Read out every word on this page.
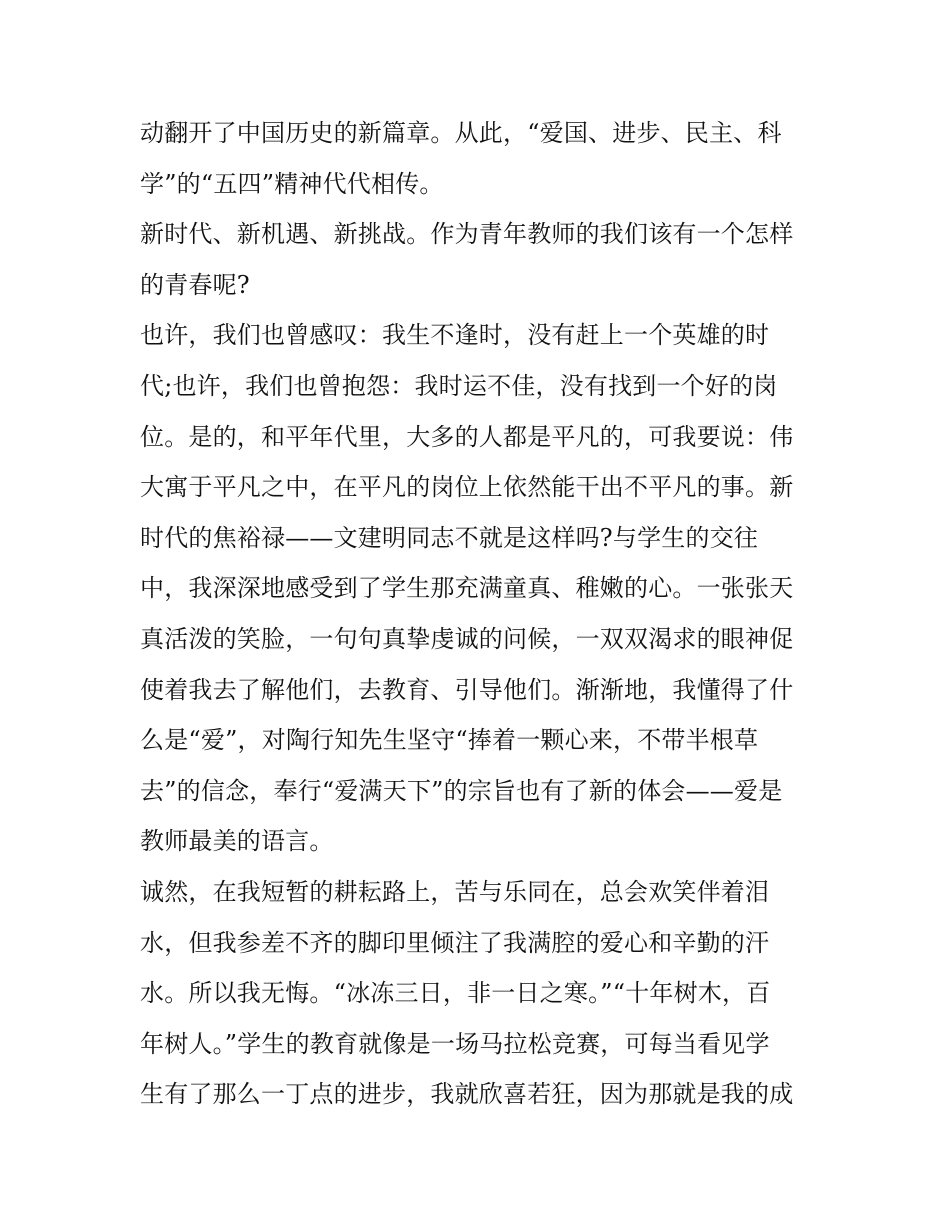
动翻开了中国历史的新篇章。从此，“爱国、进步、民主、科
学”的“五四”精神代代相传。
新时代、新机遇、新挑战。作为青年教师的我们该有一个怎样
的青春呢?
也许，我们也曾感叹：我生不逢时，没有赶上一个英雄的时
代;也许，我们也曾抱怨：我时运不佳，没有找到一个好的岗
位。是的，和平年代里，大多的人都是平凡的，可我要说：伟
大寓于平凡之中，在平凡的岗位上依然能干出不平凡的事。新
时代的焦裕禄——文建明同志不就是这样吗?与学生的交往
中，我深深地感受到了学生那充满童真、稚嫩的心。一张张天
真活泼的笑脸，一句句真挚虔诚的问候，一双双渴求的眼神促
使着我去了解他们，去教育、引导他们。渐渐地，我懂得了什
么是“爱”，对陶行知先生坚守“捧着一颗心来，不带半根草
去”的信念，奉行“爱满天下”的宗旨也有了新的体会——爱是
教师最美的语言。
诚然，在我短暂的耕耘路上，苦与乐同在，总会欢笑伴着泪
水，但我参差不齐的脚印里倾注了我满腔的爱心和辛勤的汗
水。所以我无悔。“冰冻三日，非一日之寒。”“十年树木，百
年树人。”学生的教育就像是一场马拉松竞赛，可每当看见学
生有了那么一丁点的进步，我就欣喜若狂，因为那就是我的成
